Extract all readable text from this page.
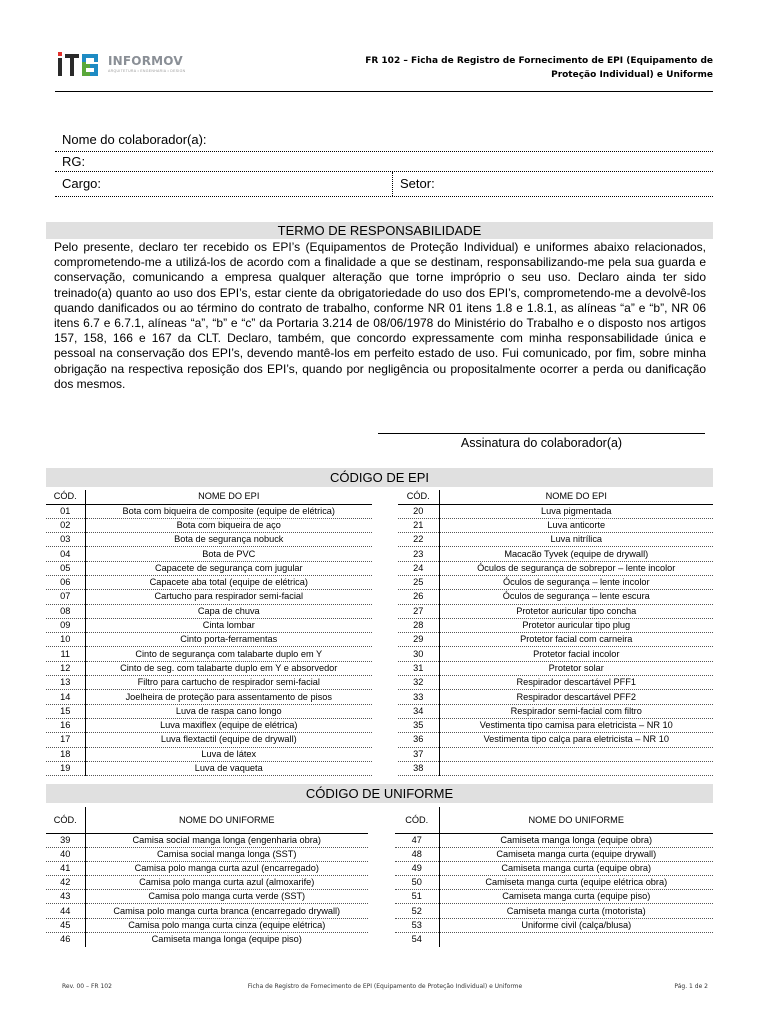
INFORMOV
ARQUITETURA • ENGENHARIA • DESIGN
FR 102 – Ficha de Registro de Fornecimento de EPI (Equipamento de
Proteção Individual) e Uniforme
Nome do colaborador(a):
RG:
Cargo:	Setor:
TERMO DE RESPONSABILIDADE
Pelo presente, declaro ter recebido os EPI’s (Equipamentos de Proteção Individual) e uniformes abaixo relacionados, comprometendo-me a utilizá-los de acordo com a finalidade a que se destinam, responsabilizando-me pela sua guarda e conservação, comunicando a empresa qualquer alteração que torne impróprio o seu uso. Declaro ainda ter sido treinado(a) quanto ao uso dos EPI’s, estar ciente da obrigatoriedade do uso dos EPI’s, comprometendo-me a devolvê-los quando danificados ou ao término do contrato de trabalho, conforme NR 01 itens 1.8 e 1.8.1, as alíneas “a” e “b”, NR 06 itens 6.7 e 6.7.1, alíneas “a”, “b” e “c” da Portaria 3.214 de 08/06/1978 do Ministério do Trabalho e o disposto nos artigos 157, 158, 166 e 167 da CLT. Declaro, também, que concordo expressamente com minha responsabilidade única e pessoal na conservação dos EPI’s, devendo mantê-los em perfeito estado de uso. Fui comunicado, por fim, sobre minha obrigação na respectiva reposição dos EPI’s, quando por negligência ou propositalmente ocorrer a perda ou danificação dos mesmos.
Assinatura do colaborador(a)
CÓDIGO DE EPI
CÓD.	NOME DO EPI
01	Bota com biqueira de composite (equipe de elétrica)
02	Bota com biqueira de aço
03	Bota de segurança nobuck
04	Bota de PVC
05	Capacete de segurança com jugular
06	Capacete aba total (equipe de elétrica)
07	Cartucho para respirador semi-facial
08	Capa de chuva
09	Cinta lombar
10	Cinto porta-ferramentas
11	Cinto de segurança com talabarte duplo em Y
12	Cinto de seg. com talabarte duplo em Y e absorvedor
13	Filtro para cartucho de respirador semi-facial
14	Joelheira de proteção para assentamento de pisos
15	Luva de raspa cano longo
16	Luva maxiflex (equipe de elétrica)
17	Luva flextactil (equipe de drywall)
18	Luva de látex
19	Luva de vaqueta
CÓD.	NOME DO EPI
20	Luva pigmentada
21	Luva anticorte
22	Luva nitrílica
23	Macacão Tyvek (equipe de drywall)
24	Óculos de segurança de sobrepor – lente incolor
25	Óculos de segurança – lente incolor
26	Óculos de segurança – lente escura
27	Protetor auricular tipo concha
28	Protetor auricular tipo plug
29	Protetor facial com carneira
30	Protetor facial incolor
31	Protetor solar
32	Respirador descartável PFF1
33	Respirador descartável PFF2
34	Respirador semi-facial com filtro
35	Vestimenta tipo camisa para eletricista – NR 10
36	Vestimenta tipo calça para eletricista – NR 10
37	
38	
CÓDIGO DE UNIFORME
CÓD.	NOME DO UNIFORME
39	Camisa social manga longa (engenharia obra)
40	Camisa social manga longa (SST)
41	Camisa polo manga curta azul (encarregado)
42	Camisa polo manga curta azul (almoxarife)
43	Camisa polo manga curta verde (SST)
44	Camisa polo manga curta branca (encarregado drywall)
45	Camisa polo manga curta cinza (equipe elétrica)
46	Camiseta manga longa (equipe piso)
CÓD.	NOME DO UNIFORME
47	Camiseta manga longa (equipe obra)
48	Camiseta manga curta (equipe drywall)
49	Camiseta manga curta (equipe obra)
50	Camiseta manga curta (equipe elétrica obra)
51	Camiseta manga curta (equipe piso)
52	Camiseta manga curta (motorista)
53	Uniforme civil (calça/blusa)
54	
Rev. 00 – FR 102	Ficha de Registro de Fornecimento de EPI (Equipamento de Proteção Individual) e Uniforme	Pág. 1 de 2
